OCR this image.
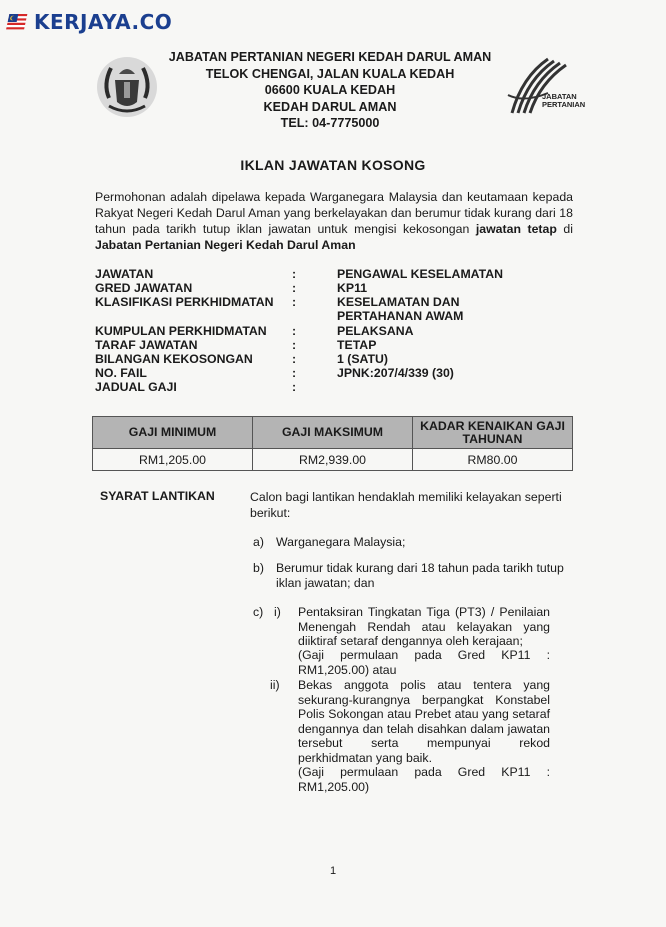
KERJAYA.CO
JABATAN PERTANIAN NEGERI KEDAH DARUL AMAN
TELOK CHENGAI, JALAN KUALA KEDAH
06600 KUALA KEDAH
KEDAH DARUL AMAN
TEL: 04-7775000
JABATAN
PERTANIAN
IKLAN JAWATAN KOSONG
Permohonan adalah dipelawa kepada Warganegara Malaysia dan keutamaan kepada Rakyat Negeri Kedah Darul Aman yang berkelayakan dan berumur tidak kurang dari 18 tahun pada tarikh tutup iklan jawatan untuk mengisi kekosongan jawatan tetap di Jabatan Pertanian Negeri Kedah Darul Aman
JAWATAN	:	PENGAWAL KESELAMATAN
GRED JAWATAN	:	KP11
KLASIFIKASI PERKHIDMATAN :	KESELAMATAN DAN PERTAHANAN AWAM
KUMPULAN PERKHIDMATAN :	PELAKSANA
TARAF JAWATAN	:	TETAP
BILANGAN KEKOSONGAN	:	1 (SATU)
NO. FAIL	:	JPNK:207/4/339 (30)
JADUAL GAJI	:
GAJI MINIMUM	GAJI MAKSIMUM	KADAR KENAIKAN GAJI TAHUNAN
RM1,205.00	RM2,939.00	RM80.00
SYARAT LANTIKAN	Calon bagi lantikan hendaklah memiliki kelayakan seperti berikut:
a) Warganegara Malaysia;
b) Berumur tidak kurang dari 18 tahun pada tarikh tutup iklan jawatan; dan
c) i) Pentaksiran Tingkatan Tiga (PT3) / Penilaian Menengah Rendah atau kelayakan yang diiktiraf setaraf dengannya oleh kerajaan;
(Gaji permulaan pada Gred KP11 : RM1,205.00) atau
ii) Bekas anggota polis atau tentera yang sekurang-kurangnya berpangkat Konstabel Polis Sokongan atau Prebet atau yang setaraf dengannya dan telah disahkan dalam jawatan tersebut serta mempunyai rekod perkhidmatan yang baik.
(Gaji permulaan pada Gred KP11 : RM1,205.00)
1
